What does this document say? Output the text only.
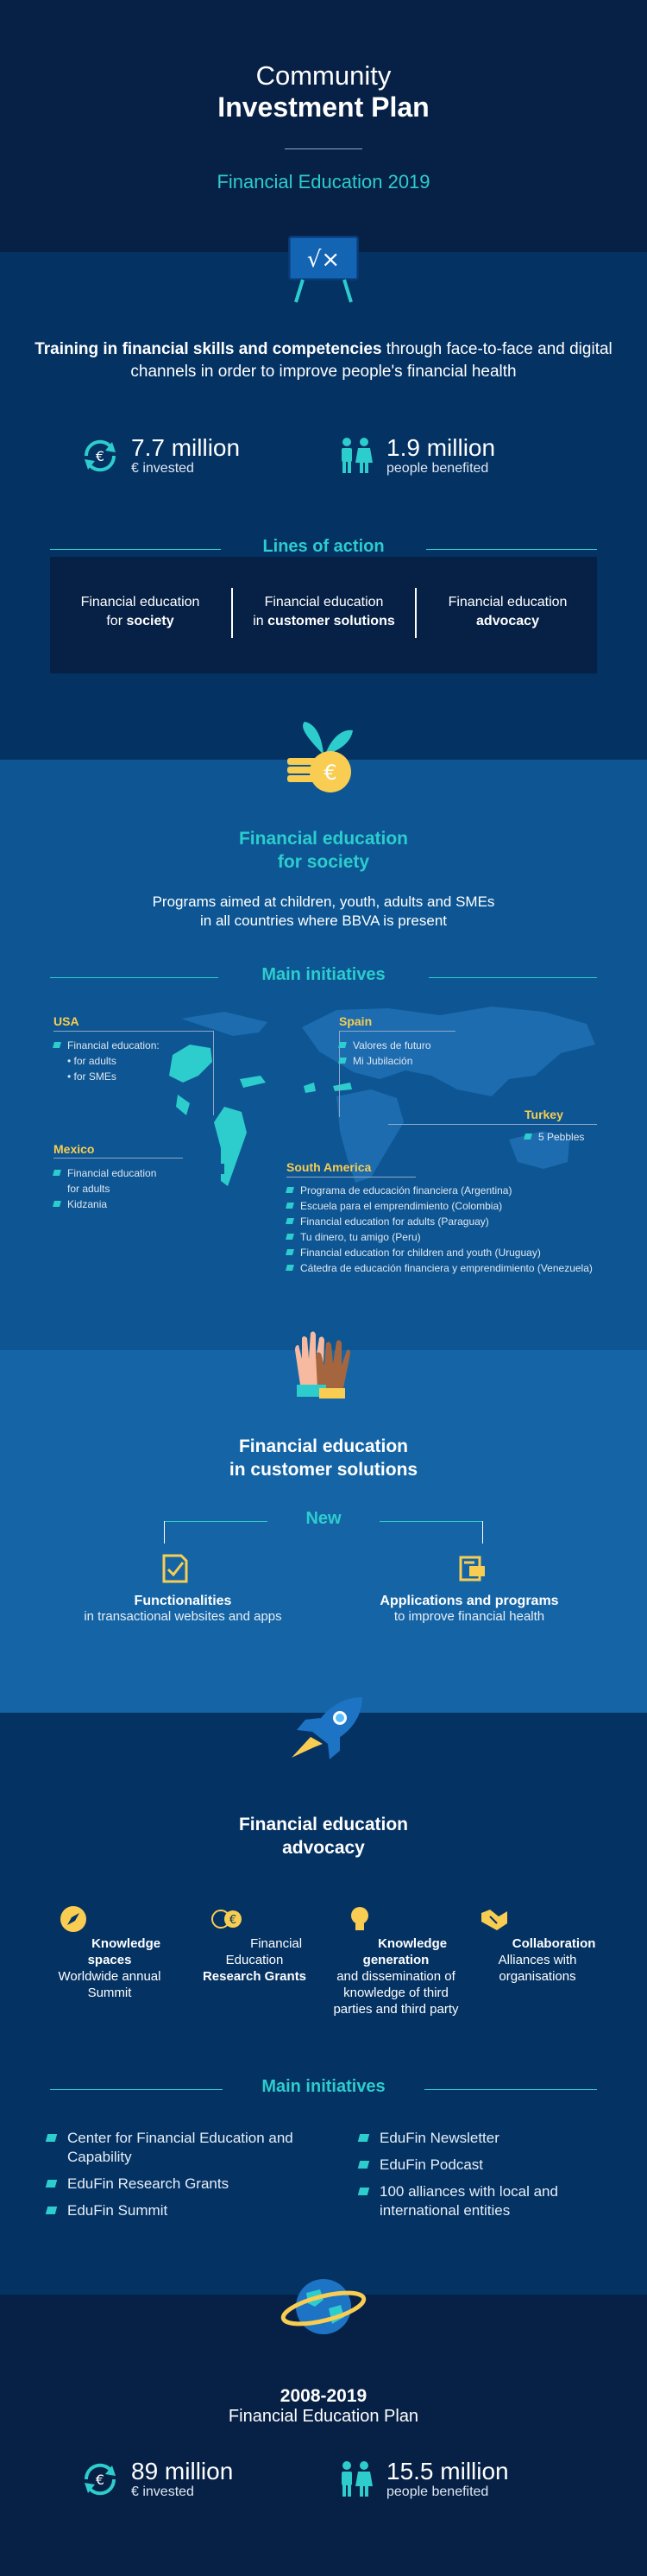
Community
Investment Plan
Financial Education 2019
√×
Training in financial skills and competencies through face-to-face and digital channels in order to improve people's financial health
€ 7.7 million
€ invested
1.9 million
people benefited
Lines of action
Financial education
for society
Financial education
in customer solutions
Financial education
advocacy
€
Financial education
for society
Programs aimed at children, youth, adults and SMEs
in all countries where BBVA is present
Main initiatives
USA
Financial education:
• for adults
• for SMEs
Mexico
Financial education for adults
Kidzania
Spain
Valores de futuro
Mi Jubilación
Turkey
5 Pebbles
South America
Programa de educación financiera (Argentina)
Escuela para el emprendimiento (Colombia)
Financial education for adults (Paraguay)
Tu dinero, tu amigo (Peru)
Financial education for children and youth (Uruguay)
Cátedra de educación financiera y emprendimiento (Venezuela)
Financial education
in customer solutions
New
Functionalities
in transactional websites and apps
Applications and programs
to improve financial health
Financial education
advocacy
Knowledge spaces
Worldwide annual Summit
€
Financial Education
Research Grants
Knowledge generation
and dissemination of knowledge of third parties and third party
Collaboration
Alliances with organisations
Main initiatives
Center for Financial Education and Capability
EduFin Research Grants
EduFin Summit
EduFin Newsletter
EduFin Podcast
100 alliances with local and international entities
2008-2019
Financial Education Plan
€ 89 million
€ invested
15.5 million
people benefited
